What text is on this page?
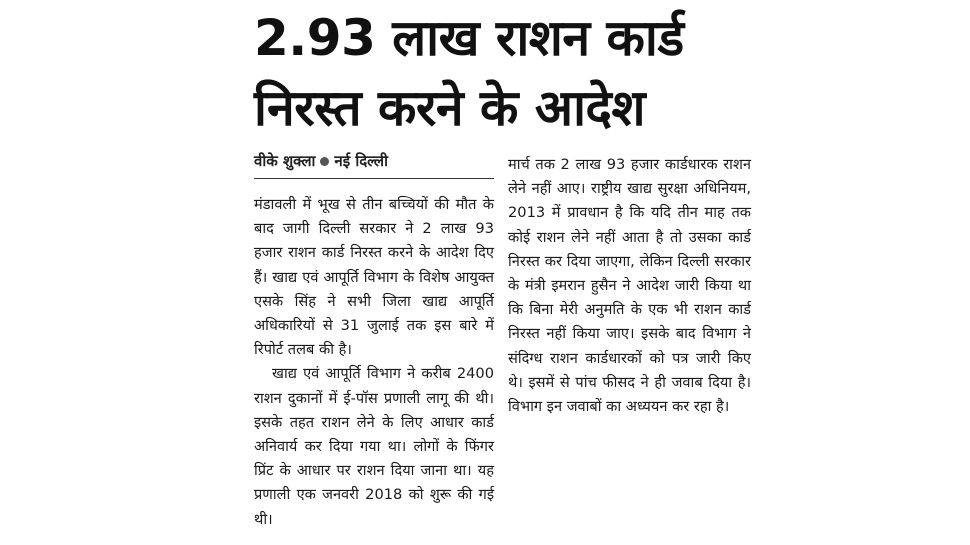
2.93 लाख राशन कार्ड
निरस्त करने के आदेश
वीके शुक्ला नई दिल्ली

मंडावली में भूख से तीन बच्चियों की मौत के बाद जागी दिल्ली सरकार ने 2 लाख 93 हजार राशन कार्ड निरस्त करने के आदेश दिए हैं। खाद्य एवं आपूर्ति विभाग के विशेष आयुक्त एसके सिंह ने सभी जिला खाद्य आपूर्ति अधिकारियों से 31 जुलाई तक इस बारे में रिपोर्ट तलब की है।

खाद्य एवं आपूर्ति विभाग ने करीब 2400 राशन दुकानों में ई-पॉस प्रणाली लागू की थी। इसके तहत राशन लेने के लिए आधार कार्ड अनिवार्य कर दिया गया था। लोगों के फिंगर प्रिंट के आधार पर राशन दिया जाना था। यह प्रणाली एक जनवरी 2018 को शुरू की गई थी।

मार्च तक 2 लाख 93 हजार कार्डधारक राशन लेने नहीं आए। राष्ट्रीय खाद्य सुरक्षा अधिनियम, 2013 में प्रावधान है कि यदि तीन माह तक कोई राशन लेने नहीं आता है तो उसका कार्ड निरस्त कर दिया जाएगा, लेकिन दिल्ली सरकार के मंत्री इमरान हुसैन ने आदेश जारी किया था कि बिना मेरी अनुमति के एक भी राशन कार्ड निरस्त नहीं किया जाए। इसके बाद विभाग ने संदिग्ध राशन कार्डधारकों को पत्र जारी किए थे। इसमें से पांच फीसद ने ही जवाब दिया है। विभाग इन जवाबों का अध्ययन कर रहा है।
